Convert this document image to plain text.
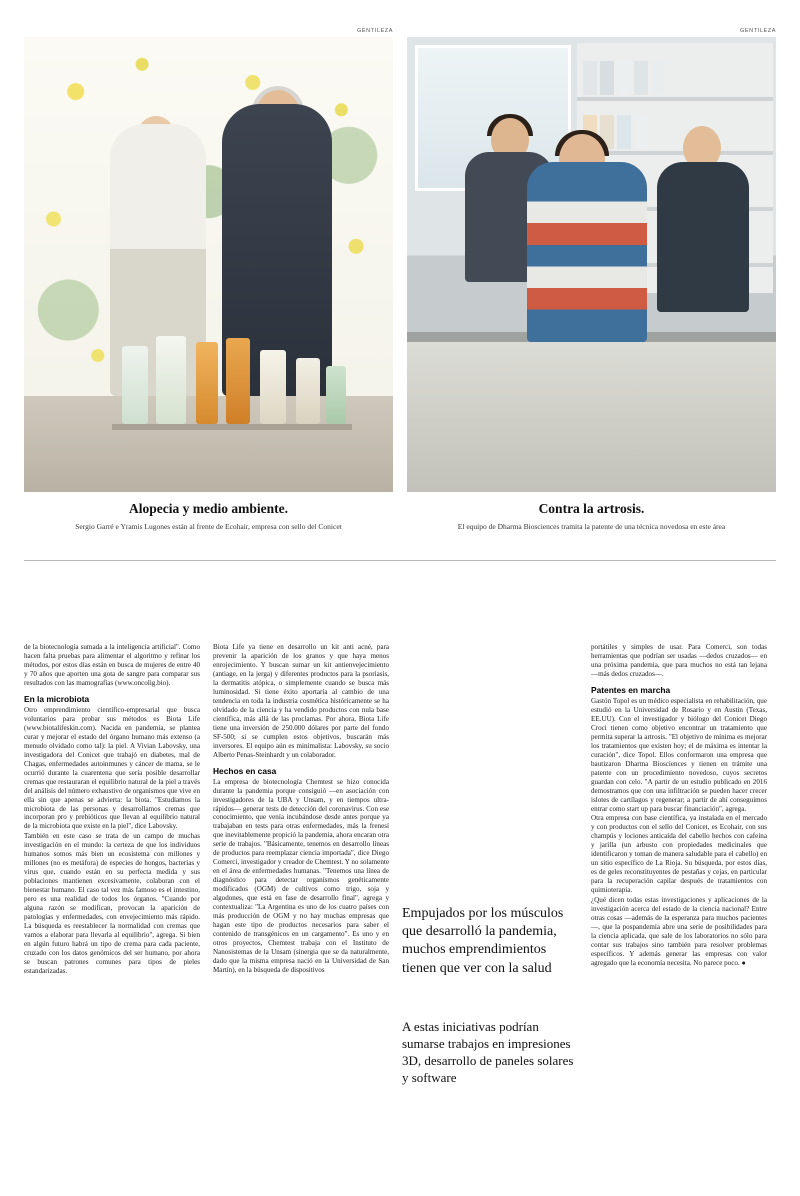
GENTILEZA
Alopecia y medio ambiente.
Sergio Garré e Yramis Lugones están al frente de Ecohair, empresa con sello del Conicet
GENTILEZA
Contra la artrosis.
El equipo de Dharma Biosciences tramita la patente de una técnica novedosa en este área

de la biotecnología sumada a la inteligencia artificial". Como hacen falta pruebas para alimentar el algoritmo y refinar los métodos, por estos días están en busca de mujeres de entre 40 y 70 años que aporten una gota de sangre para comparar sus resultados con las mamografías (www.oncolig.bio).

En la microbiota

Otro emprendimiento científico-empresarial que busca voluntarios para probar sus métodos es Biota Life (www.biotalifeskin.com). Nacida en pandemia, se plantea curar y mejorar el estado del órgano humano más extenso (a menudo olvidado como tal): la piel. A Vivian Labovsky, una investigadora del Conicet que trabajó en diabetes, mal de Chagas, enfermedades autoinmunes y cáncer de mama, se le ocurrió durante la cuarentena que sería posible desarrollar cremas que restauraran el equilibrio natural de la piel a través del análisis del número exhaustivo de organismos que vive en ella sin que apenas se advierta: la biota. "Estudiamos la microbiota de las personas y desarrollamos cremas que incorporan pro y prebióticos que llevan al equilibrio natural de la microbiota que existe en la piel", dice Labovsky.

También en este caso se trata de un campo de muchas investigación en el mundo: la certeza de que los individuos humanos somos más bien un ecosistema con millones y millones (no es metáfora) de especies de hongos, bacterias y virus que, cuando están en su perfecta medida y sus poblaciones mantienen excesivamente, colaboran con el bienestar humano. El caso tal vez más famoso es el intestino, pero es una realidad de todos los órganos. "Cuando por alguna razón se modifican, provocan la aparición de patologías y enfermedades, con envejecimiento más rápido. La búsqueda es reestablecer la normalidad con cremas que vamos a elaborar para llevarla al equilibrio", agrega. Si bien en algún futuro habrá un tipo de crema para cada paciente, cruzado con los datos genómicos del ser humano, por ahora se buscan patrones comunes para tipos de pieles estandarizadas.

Biota Life ya tiene en desarrollo un kit anti acné, para prevenir la aparición de los granos y que haya menos enrojecimiento. Y buscan sumar un kit antienvejecimiento (antiage, en la jerga) y diferentes productos para la psoriasis, la dermatitis atópica, o simplemente cuando se busca más luminosidad. Si tiene éxito aportaría al cambio de una tendencia en toda la industria cosmética históricamente se ha olvidado de la ciencia y ha vendido productos con nula base científica, más allá de las proclamas. Por ahora, Biota Life tiene una inversión de 250.000 dólares por parte del fondo SF-500; si se cumplen estos objetivos, buscarán más inversores. El equipo aún es minimalista: Labovsky, su socio Alberto Penas-Steinhardt y un colaborador.

Hechos en casa

La empresa de biotecnología Chemtest se hizo conocida durante la pandemia porque consiguió —en asociación con investigadores de la UBA y Unsam, y en tiempos ultra-rápidos— generar tests de detección del coronavirus. Con ese conocimiento, que venía incubándose desde antes porque ya trabajaban en tests para otras enfermedades, más la frenesí que inevitablemente propició la pandemia, ahora encaran otra serie de trabajos. "Básicamente, tenemos en desarrollo líneas de productos para reemplazar ciencia importada", dice Diego Comerci, investigador y creador de Chemtest. Y no solamente en el área de enfermedades humanas. "Tenemos una línea de diagnóstico para detectar organismos genéticamente modificados (OGM) de cultivos como trigo, soja y algodones, que está en fase de desarrollo final", agrega y contextualiza: "La Argentina es uno de los cuatro países con más producción de OGM y no hay muchas empresas que hagan este tipo de productos necesarios para saber el contenido de transgénicos en un cargamento". Es uno y en otros proyectos, Chemtest trabaja con el Instituto de Nanosistemas de la Unsam (sinergia que se da naturalmente, dado que la misma empresa nació en la Universidad de San Martín), en la búsqueda de dispositivos

Empujados por los músculos que desarrolló la pandemia, muchos emprendimientos tienen que ver con la salud
A estas iniciativas podrían sumarse trabajos en impresiones 3D, desarrollo de paneles solares y software

portátiles y simples de usar. Para Comerci, son todas herramientas que podrían ser usadas —dedos cruzados— en una próxima pandemia, que para muchos no está tan lejana —más dedos cruzados—.

Patentes en marcha

Gastón Topol es un médico especialista en rehabilitación, que estudió en la Universidad de Rosario y en Austin (Texas, EE.UU). Con el investigador y biólogo del Conicet Diego Croci tienen como objetivo encontrar un tratamiento que permita superar la artrosis. "El objetivo de mínima es mejorar los tratamientos que existen hoy; el de máxima es intentar la curación", dice Topol. Ellos conformaron una empresa que bautizaron Dharma Biosciences y tienen en trámite una patente con un procedimiento novedoso, cuyos secretos guardan con celo. "A partir de un estudio publicado en 2016 demostramos que con una infiltración se pueden hacer crecer islotes de cartílagos y regenerar; a partir de ahí conseguimos entrar como start up para buscar financiación", agrega.

Otra empresa con base científica, ya instalada en el mercado y con productos con el sello del Conicet, es Ecohair, con sus champús y lociones anticaída del cabello hechos con cafeína y jarilla (un arbusto con propiedades medicinales que identificaron y toman de manera saludable para el cabello) en un sitio específico de La Rioja. Su búsqueda, por estos días, es de geles reconstituyentes de pestañas y cejas, en particular para la recuperación capilar después de tratamientos con quimioterapia.

¿Qué dicen todas estas investigaciones y aplicaciones de la investigación acerca del estado de la ciencia nacional? Entre otras cosas —además de la esperanza para muchos pacientes—, que la pospandemia abre una serie de posibilidades para la ciencia aplicada, que sale de los laboratorios no sólo para contar sus trabajos sino también para resolver problemas específicos. Y además generar las empresas con valor agregado que la economía necesita. No parece poco. ●
